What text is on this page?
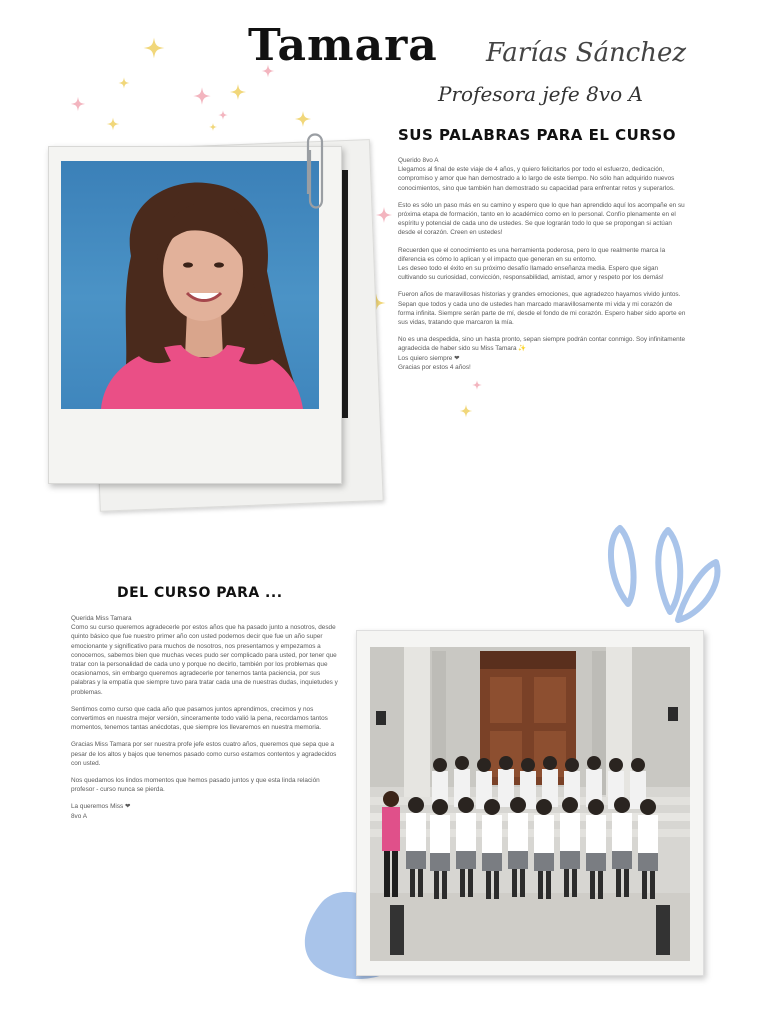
Tamara Farías Sánchez
Profesora jefe 8vo A
SUS PALABRAS PARA EL CURSO

Querido 8vo A
Llegamos al final de este viaje de 4 años, y quiero felicitarlos por todo el esfuerzo, dedicación, compromiso y amor que han demostrado a lo largo de este tiempo. No sólo han adquirido nuevos conocimientos, sino que también han demostrado su capacidad para enfrentar retos y superarlos.

Esto es sólo un paso más en su camino y espero que lo que han aprendido aquí los acompañe en su próxima etapa de formación, tanto en lo académico como en lo personal. Confío plenamente en el espíritu y potencial de cada uno de ustedes. Se que lograrán todo lo que se propongan si actúan desde el corazón. Creen en ustedes!

Recuerden que el conocimiento es una herramienta poderosa, pero lo que realmente marca la diferencia es cómo lo aplican y el impacto que generan en su entorno.
Les deseo todo el éxito en su próximo desafío llamado enseñanza media. Espero que sigan cultivando su curiosidad, convicción, responsabilidad, amistad, amor y respeto por los demás!

Fueron años de maravillosas historias y grandes emociones, que agradezco hayamos vivido juntos. Sepan que todos y cada uno de ustedes han marcado maravillosamente mi vida y mi corazón de forma infinita. Siempre serán parte de mí, desde el fondo de mi corazón. Espero haber sido aporte en sus vidas, tratando que marcaron la mía.

No es una despedida, sino un hasta pronto, sepan siempre podrán contar conmigo. Soy infinitamente agradecida de haber sido su Miss Tamara ✨
Los quiero siempre ❤
Gracias por estos 4 años!

DEL CURSO PARA ...

Querida Miss Tamara
Como su curso queremos agradecerle por estos años que ha pasado junto a nosotros, desde quinto básico que fue nuestro primer año con usted podemos decir que fue un año super emocionante y significativo para muchos de nosotros, nos presentamos y empezamos a conocernos, sabemos bien que muchas veces pudo ser complicado para usted, por tener que tratar con la personalidad de cada uno y porque no decirlo, también por los problemas que ocasionamos, sin embargo queremos agradecerle por tenernos tanta paciencia, por sus palabras y la empatía que siempre tuvo para tratar cada una de nuestras dudas, inquietudes y problemas.

Sentimos como curso que cada año que pasamos juntos aprendimos, crecimos y nos convertimos en nuestra mejor versión, sinceramente todo valió la pena, recordamos tantos momentos, tenemos tantas anécdotas, que siempre los llevaremos en nuestra memoria.

Gracias Miss Tamara por ser nuestra profe jefe estos cuatro años, queremos que sepa que a pesar de los altos y bajos que tenemos pasado como curso estamos contentos y agradecidos con usted.

Nos quedamos los lindos momentos que hemos pasado juntos y que esta linda relación profesor - curso nunca se pierda.

La queremos Miss ❤
8vo A
